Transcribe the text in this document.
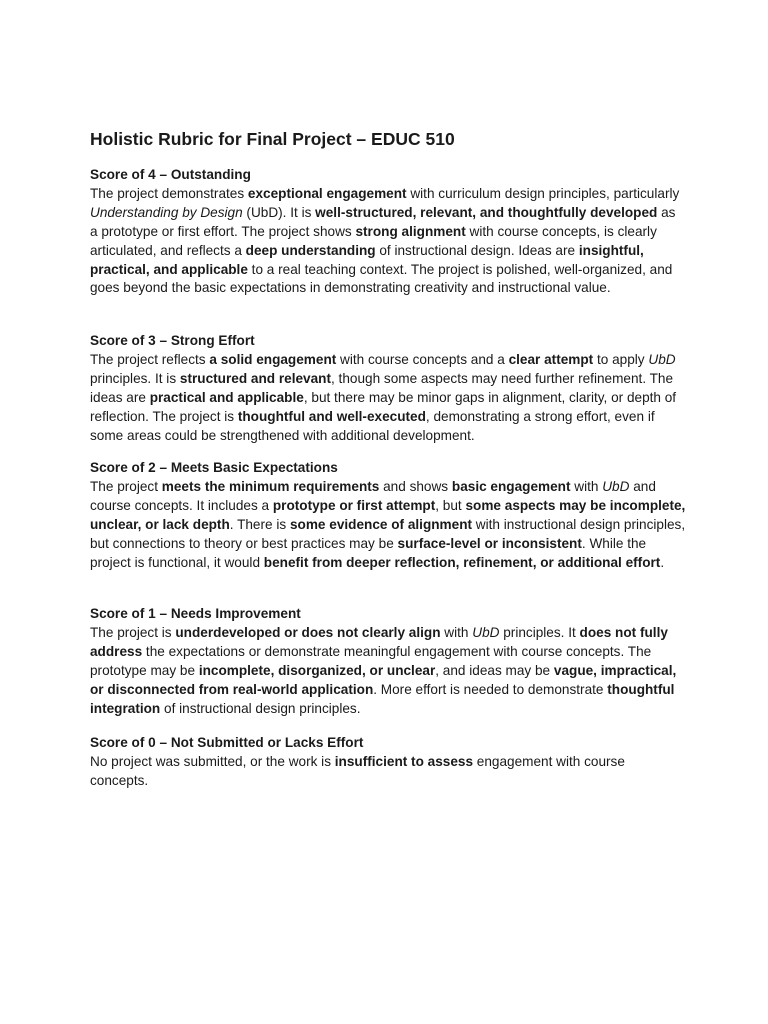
Holistic Rubric for Final Project – EDUC 510
Score of 4 – Outstanding
The project demonstrates exceptional engagement with curriculum design principles, particularly Understanding by Design (UbD). It is well-structured, relevant, and thoughtfully developed as a prototype or first effort. The project shows strong alignment with course concepts, is clearly articulated, and reflects a deep understanding of instructional design. Ideas are insightful, practical, and applicable to a real teaching context. The project is polished, well-organized, and goes beyond the basic expectations in demonstrating creativity and instructional value.
Score of 3 – Strong Effort
The project reflects a solid engagement with course concepts and a clear attempt to apply UbD principles. It is structured and relevant, though some aspects may need further refinement. The ideas are practical and applicable, but there may be minor gaps in alignment, clarity, or depth of reflection. The project is thoughtful and well-executed, demonstrating a strong effort, even if some areas could be strengthened with additional development.
Score of 2 – Meets Basic Expectations
The project meets the minimum requirements and shows basic engagement with UbD and course concepts. It includes a prototype or first attempt, but some aspects may be incomplete, unclear, or lack depth. There is some evidence of alignment with instructional design principles, but connections to theory or best practices may be surface-level or inconsistent. While the project is functional, it would benefit from deeper reflection, refinement, or additional effort.
Score of 1 – Needs Improvement
The project is underdeveloped or does not clearly align with UbD principles. It does not fully address the expectations or demonstrate meaningful engagement with course concepts. The prototype may be incomplete, disorganized, or unclear, and ideas may be vague, impractical, or disconnected from real-world application. More effort is needed to demonstrate thoughtful integration of instructional design principles.
Score of 0 – Not Submitted or Lacks Effort
No project was submitted, or the work is insufficient to assess engagement with course concepts.
